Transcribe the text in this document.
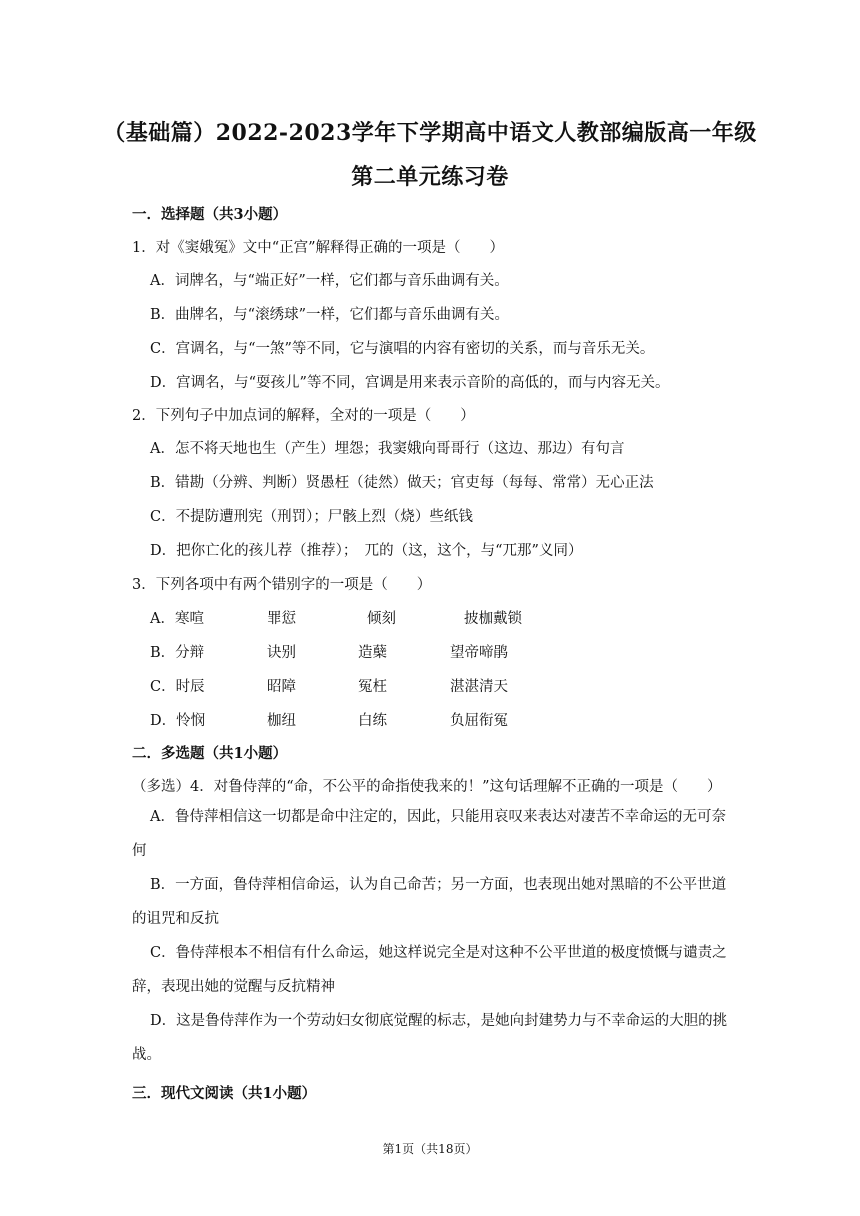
（基础篇）2022-2023学年下学期高中语文人教部编版高一年级
第二单元练习卷
一．选择题（共3小题）
1．对《窦娥冤》文中“正宫”解释得正确的一项是（　　）
A．词牌名，与“端正好”一样，它们都与音乐曲调有关。
B．曲牌名，与“滚绣球”一样，它们都与音乐曲调有关。
C．宫调名，与“一煞”等不同，它与演唱的内容有密切的关系，而与音乐无关。
D．宫调名，与“耍孩儿”等不同，宫调是用来表示音阶的高低的，而与内容无关。
2．下列句子中加点词的解释，全对的一项是（　　）
A．怎不将天地也生（产生）埋怨；我窦娥向哥哥行（这边、那边）有句言
B．错勘（分辨、判断）贤愚枉（徒然）做天；官吏每（每每、常常）无心正法
C．不提防遭刑宪（刑罚）；尸骸上烈（烧）些纸钱
D．把你亡化的孩儿荐（推荐）；　兀的（这，这个，与“兀那”义同）
3．下列各项中有两个错别字的一项是（　　）
A．寒喧	罪愆	倾刻	披枷戴锁
B．分辩	诀别	造蘖	望帝啼鹃
C．时辰	昭障	冤枉	湛湛清天
D．怜悯	枷纽	白练	负屈衔冤
二．多选题（共1小题）
（多选）4．对鲁侍萍的“命，不公平的命指使我来的！”这句话理解不正确的一项是（　　）
A．鲁侍萍相信这一切都是命中注定的，因此，只能用哀叹来表达对凄苦不幸命运的无可奈何
B．一方面，鲁侍萍相信命运，认为自己命苦；另一方面，也表现出她对黑暗的不公平世道的诅咒和反抗
C．鲁侍萍根本不相信有什么命运，她这样说完全是对这种不公平世道的极度愤慨与谴责之辞，表现出她的觉醒与反抗精神
D．这是鲁侍萍作为一个劳动妇女彻底觉醒的标志，是她向封建势力与不幸命运的大胆的挑战。
三．现代文阅读（共1小题）
第1页（共18页）
